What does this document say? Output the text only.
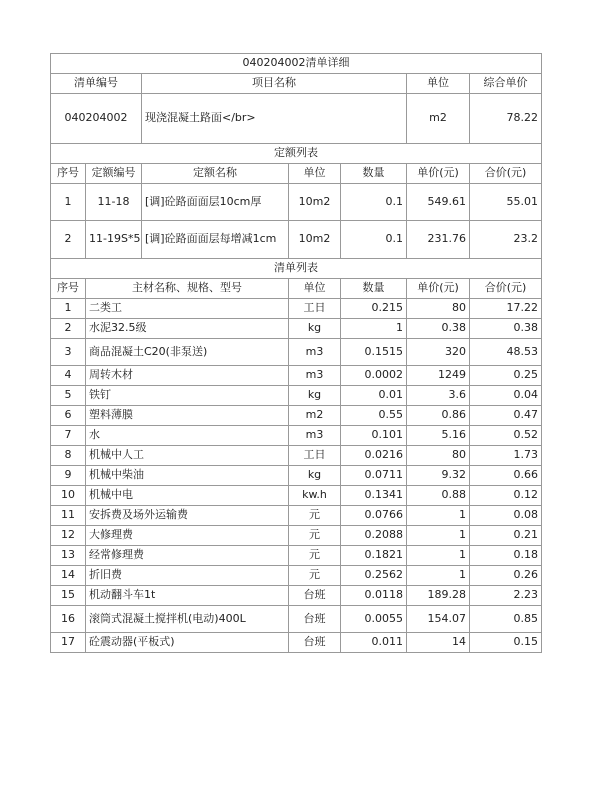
040204002清单详细						
清单编号		项目名称			单位	综合单价
040204002		现浇混凝土路面</br>			m2	78.22
定额列表						
序号	定额编号	定额名称	单位	数量	单价(元)	合价(元)
1	11-18	[调]砼路面面层10cm厚	10m2	0.1	549.61	55.01
2	11-19S*5	[调]砼路面面层每增减1cm	10m2	0.1	231.76	23.2
清单列表						
序号	主材名称、规格、型号		单位	数量	单价(元)	合价(元)
1	二类工		工日	0.215	80	17.22
2	水泥32.5级		kg	1	0.38	0.38
3	商品混凝土C20(非泵送)		m3	0.1515	320	48.53
4	周转木材		m3	0.0002	1249	0.25
5	铁钉		kg	0.01	3.6	0.04
6	塑料薄膜		m2	0.55	0.86	0.47
7	水		m3	0.101	5.16	0.52
8	机械中人工		工日	0.0216	80	1.73
9	机械中柴油		kg	0.0711	9.32	0.66
10	机械中电		kw.h	0.1341	0.88	0.12
11	安拆费及场外运输费		元	0.0766	1	0.08
12	大修理费		元	0.2088	1	0.21
13	经常修理费		元	0.1821	1	0.18
14	折旧费		元	0.2562	1	0.26
15	机动翻斗车1t		台班	0.0118	189.28	2.23
16	滚筒式混凝土搅拌机(电动)400L		台班	0.0055	154.07	0.85
17	砼震动器(平板式)		台班	0.011	14	0.15
